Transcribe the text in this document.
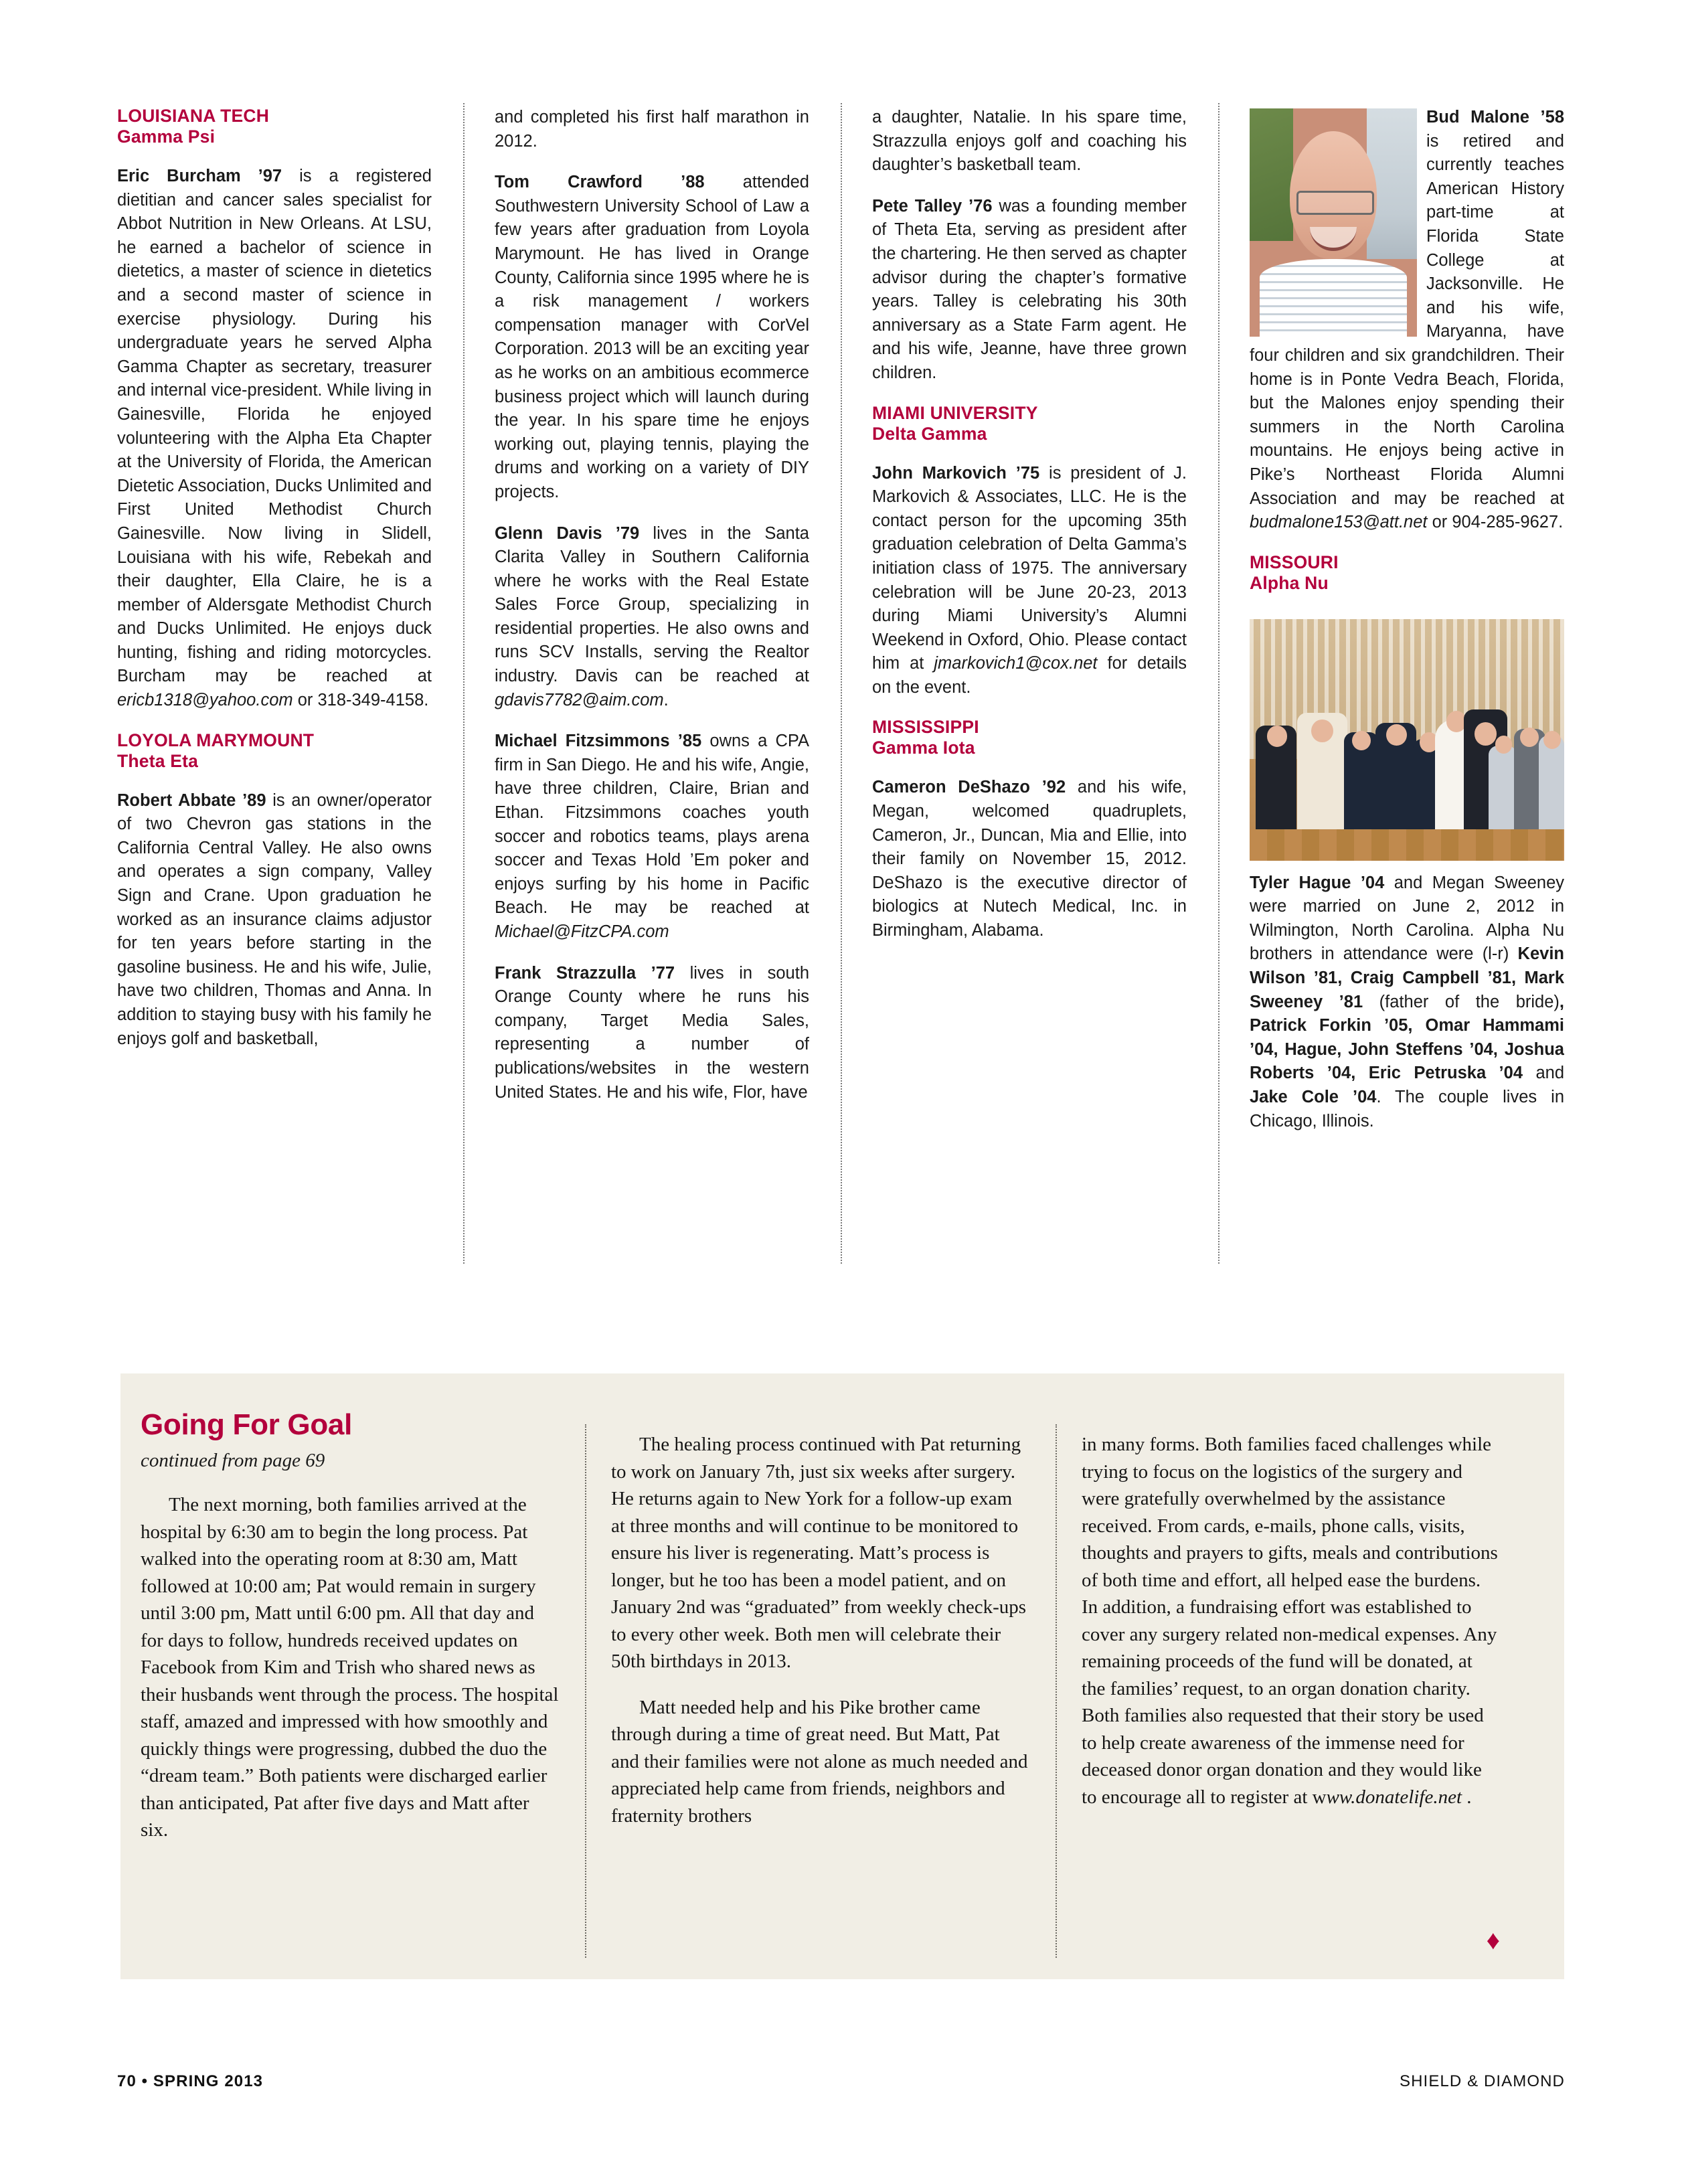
LOUISIANA TECH
Gamma Psi

Eric Burcham ’97 is a registered dietitian and cancer sales specialist for Abbot Nutrition in New Orleans. At LSU, he earned a bachelor of science in dietetics, a master of science in dietetics and a second master of science in exercise physiology. During his undergraduate years he served Alpha Gamma Chapter as secretary, treasurer and internal vice-president. While living in Gainesville, Florida he enjoyed volunteering with the Alpha Eta Chapter at the University of Florida, the American Dietetic Association, Ducks Unlimited and First United Methodist Church Gainesville. Now living in Slidell, Louisiana with his wife, Rebekah and their daughter, Ella Claire, he is a member of Aldersgate Methodist Church and Ducks Unlimited. He enjoys duck hunting, fishing and riding motorcycles. Burcham may be reached at ericb1318@yahoo.com or 318-349-4158.

LOYOLA MARYMOUNT
Theta Eta

Robert Abbate ’89 is an owner/operator of two Chevron gas stations in the California Central Valley. He also owns and operates a sign company, Valley Sign and Crane. Upon graduation he worked as an insurance claims adjustor for ten years before starting in the gasoline business. He and his wife, Julie, have two children, Thomas and Anna. In addition to staying busy with his family he enjoys golf and basketball,

and completed his first half marathon in 2012.

Tom Crawford ’88 attended Southwestern University School of Law a few years after graduation from Loyola Marymount. He has lived in Orange County, California since 1995 where he is a risk management / workers compensation manager with CorVel Corporation. 2013 will be an exciting year as he works on an ambitious ecommerce business project which will launch during the year. In his spare time he enjoys working out, playing tennis, playing the drums and working on a variety of DIY projects.

Glenn Davis ’79 lives in the Santa Clarita Valley in Southern California where he works with the Real Estate Sales Force Group, specializing in residential properties. He also owns and runs SCV Installs, serving the Realtor industry. Davis can be reached at gdavis7782@aim.com.

Michael Fitzsimmons ’85 owns a CPA firm in San Diego. He and his wife, Angie, have three children, Claire, Brian and Ethan. Fitzsimmons coaches youth soccer and robotics teams, plays arena soccer and Texas Hold ’Em poker and enjoys surfing by his home in Pacific Beach. He may be reached at Michael@FitzCPA.com

Frank Strazzulla ’77 lives in south Orange County where he runs his company, Target Media Sales, representing a number of publications/websites in the western United States. He and his wife, Flor, have

a daughter, Natalie. In his spare time, Strazzulla enjoys golf and coaching his daughter’s basketball team.

Pete Talley ’76 was a founding member of Theta Eta, serving as president after the chartering. He then served as chapter advisor during the chapter’s formative years. Talley is celebrating his 30th anniversary as a State Farm agent. He and his wife, Jeanne, have three grown children.

MIAMI UNIVERSITY
Delta Gamma

John Markovich ’75 is president of J. Markovich & Associates, LLC. He is the contact person for the upcoming 35th graduation celebration of Delta Gamma’s initiation class of 1975. The anniversary celebration will be June 20-23, 2013 during Miami University’s Alumni Weekend in Oxford, Ohio. Please contact him at jmarkovich1@cox.net for details on the event.

MISSISSIPPI
Gamma Iota

Cameron DeShazo ’92 and his wife, Megan, welcomed quadruplets, Cameron, Jr., Duncan, Mia and Ellie, into their family on November 15, 2012. DeShazo is the executive director of biologics at Nutech Medical, Inc. in Birmingham, Alabama.

Bud Malone ’58 is retired and currently teaches American History part-time at Florida State College at Jacksonville. He and his wife, Maryanna, have four children and six grandchildren. Their home is in Ponte Vedra Beach, Florida, but the Malones enjoy spending their summers in the North Carolina mountains. He enjoys being active in Pike’s Northeast Florida Alumni Association and may be reached at budmalone153@att.net or 904-285-9627.

MISSOURI
Alpha Nu

Tyler Hague ’04 and Megan Sweeney were married on June 2, 2012 in Wilmington, North Carolina. Alpha Nu brothers in attendance were (l-r) Kevin Wilson ’81, Craig Campbell ’81, Mark Sweeney ’81 (father of the bride), Patrick Forkin ’05, Omar Hammami ’04, Hague, John Steffens ’04, Joshua Roberts ’04, Eric Petruska ’04 and Jake Cole ’04. The couple lives in Chicago, Illinois.

Going For Goal
continued from page 69

The next morning, both families arrived at the hospital by 6:30 am to begin the long process. Pat walked into the operating room at 8:30 am, Matt followed at 10:00 am; Pat would remain in surgery until 3:00 pm, Matt until 6:00 pm. All that day and for days to follow, hundreds received updates on Facebook from Kim and Trish who shared news as their husbands went through the process. The hospital staff, amazed and impressed with how smoothly and quickly things were progressing, dubbed the duo the “dream team.” Both patients were discharged earlier than anticipated, Pat after five days and Matt after six.

The healing process continued with Pat returning to work on January 7th, just six weeks after surgery. He returns again to New York for a follow-up exam at three months and will continue to be monitored to ensure his liver is regenerating. Matt’s process is longer, but he too has been a model patient, and on January 2nd was “graduated” from weekly check-ups to every other week. Both men will celebrate their 50th birthdays in 2013.

Matt needed help and his Pike brother came through during a time of great need. But Matt, Pat and their families were not alone as much needed and appreciated help came from friends, neighbors and fraternity brothers

in many forms. Both families faced challenges while trying to focus on the logistics of the surgery and were gratefully overwhelmed by the assistance received. From cards, e-mails, phone calls, visits, thoughts and prayers to gifts, meals and contributions of both time and effort, all helped ease the burdens. In addition, a fundraising effort was established to cover any surgery related non-medical expenses. Any remaining proceeds of the fund will be donated, at the families’ request, to an organ donation charity. Both families also requested that their story be used to help create awareness of the immense need for deceased donor organ donation and they would like to encourage all to register at www.donatelife.net .

♦
70 • SPRING 2013	SHIELD & DIAMOND
